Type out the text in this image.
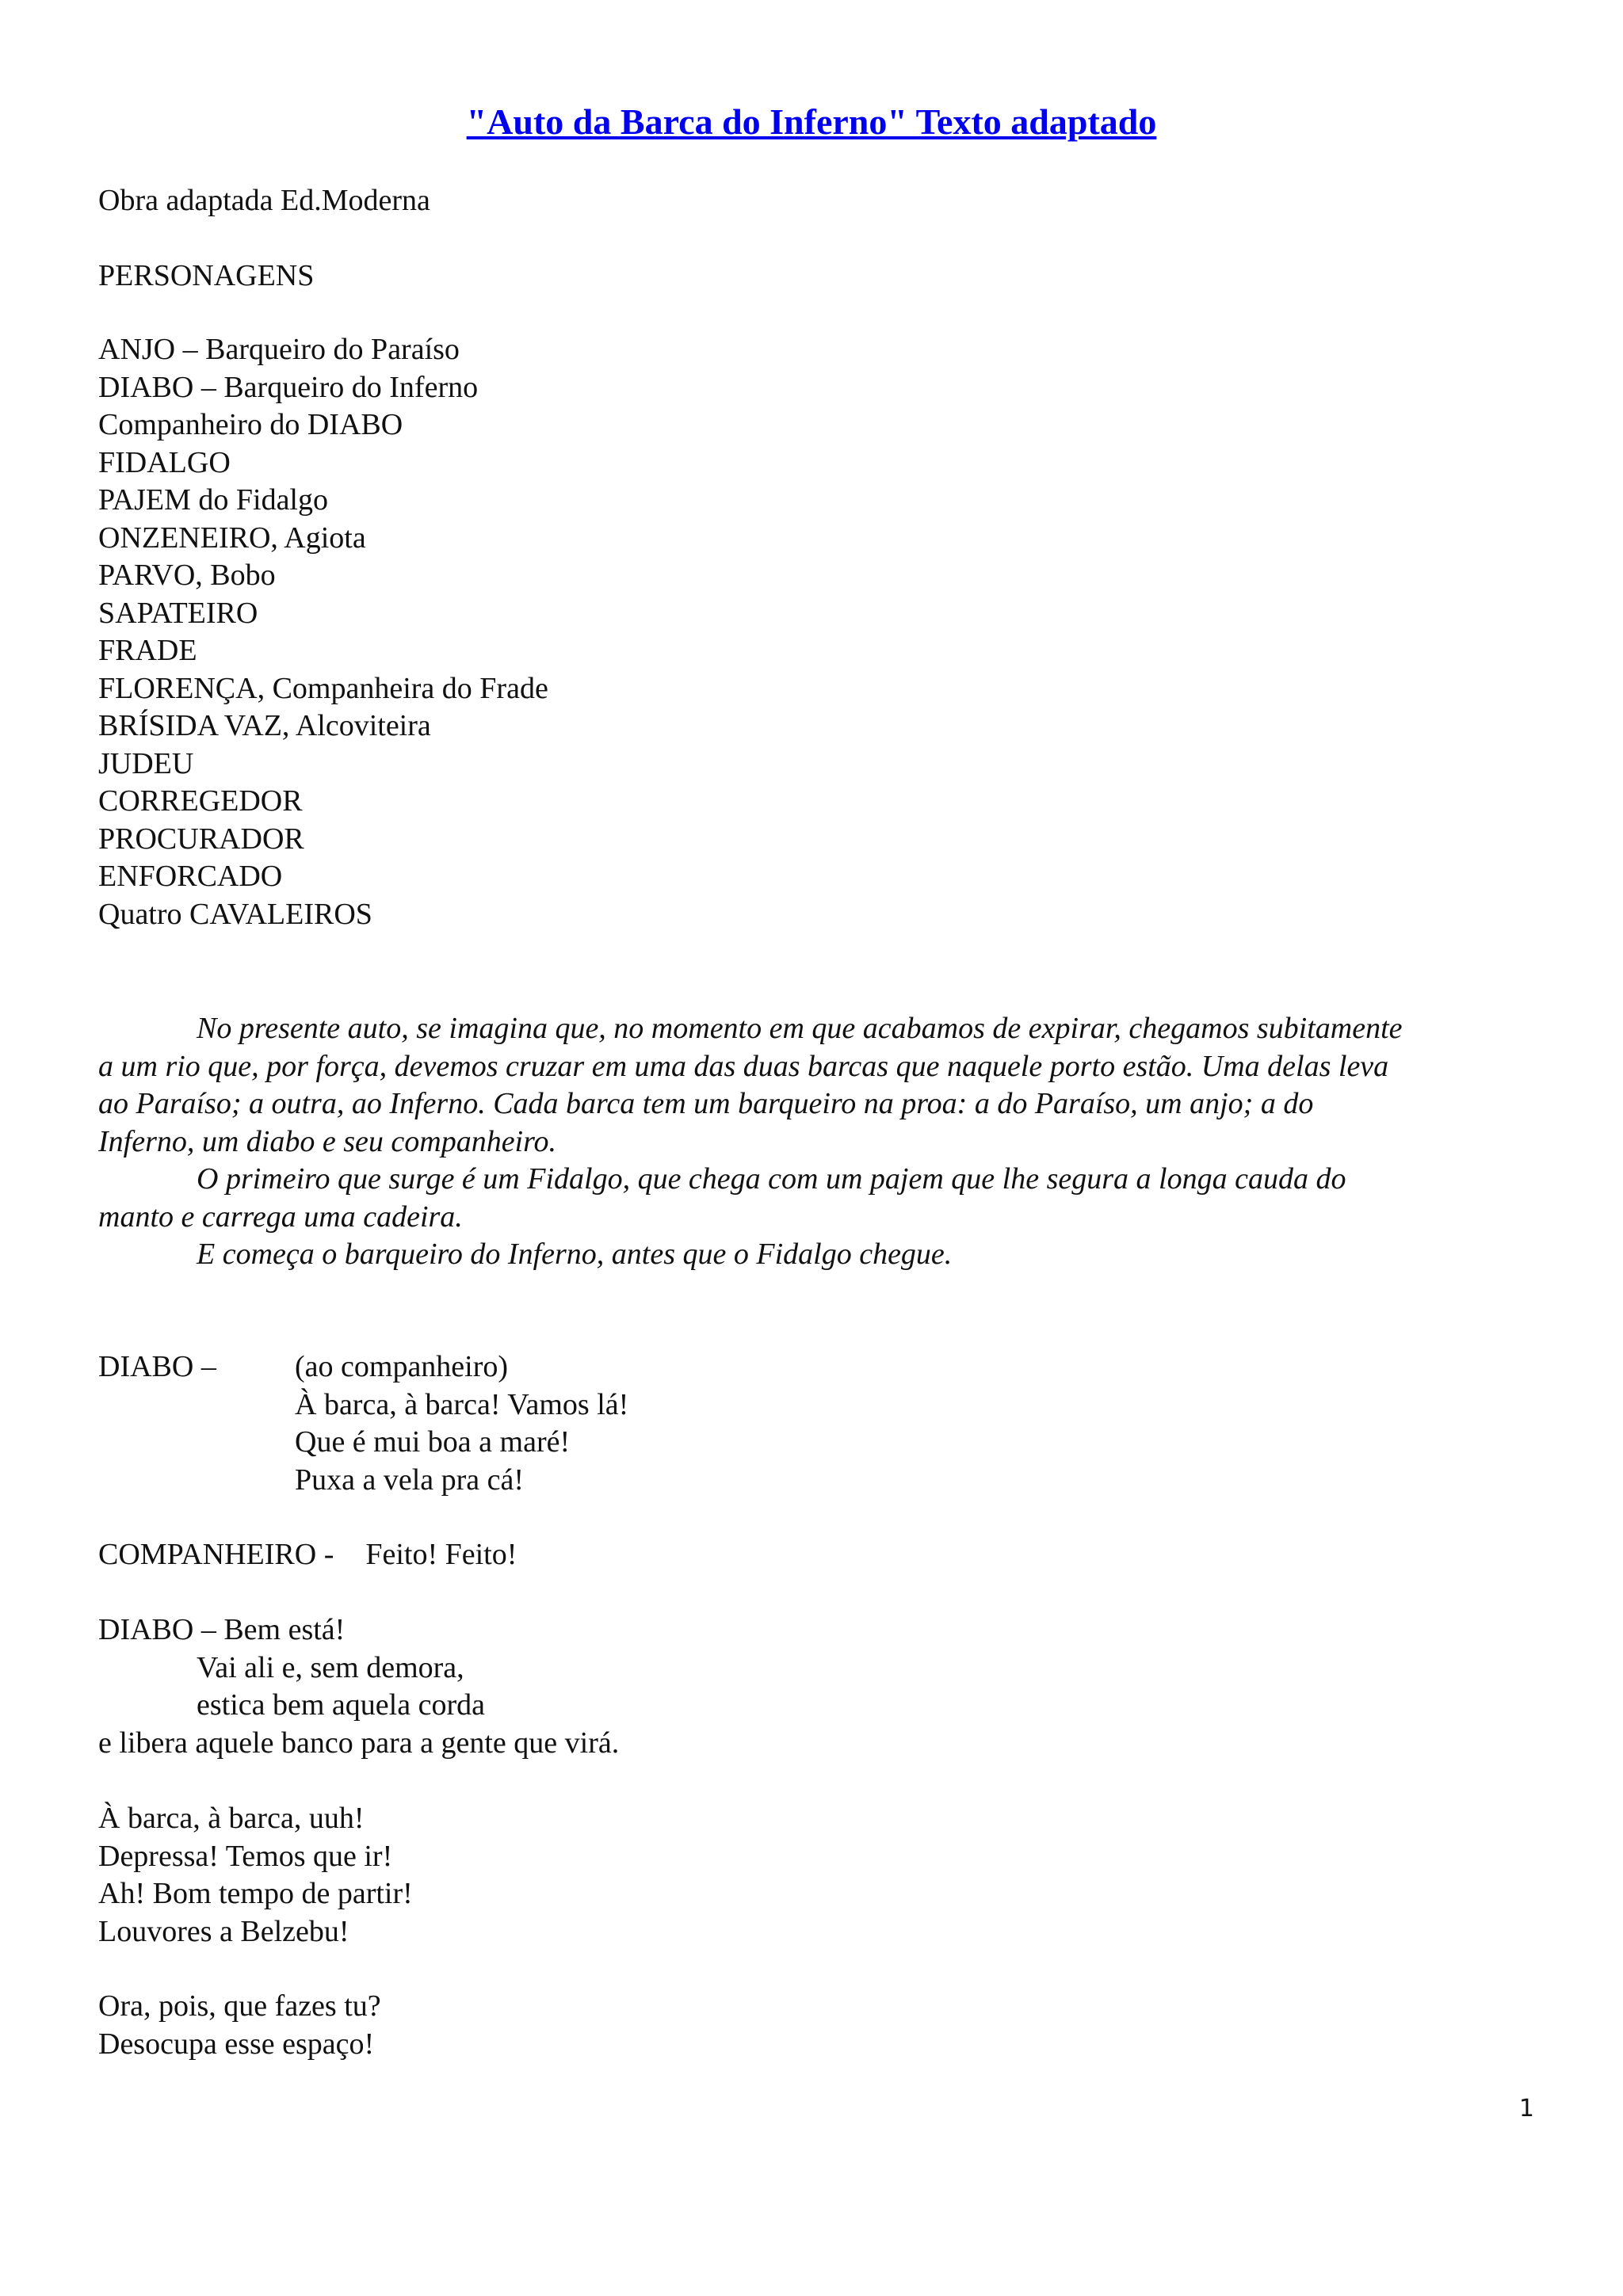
"Auto da Barca do Inferno" Texto adaptado
Obra adaptada Ed.Moderna
PERSONAGENS
ANJO – Barqueiro do Paraíso
DIABO – Barqueiro do Inferno
Companheiro do DIABO
FIDALGO
PAJEM do Fidalgo
ONZENEIRO, Agiota
PARVO, Bobo
SAPATEIRO
FRADE
FLORENÇA, Companheira do Frade
BRÍSIDA VAZ, Alcoviteira
JUDEU
CORREGEDOR
PROCURADOR
ENFORCADO
Quatro CAVALEIROS

No presente auto, se imagina que, no momento em que acabamos de expirar, chegamos subitamente

a um rio que, por força, devemos cruzar em uma das duas barcas que naquele porto estão. Uma delas leva

ao Paraíso; a outra, ao Inferno. Cada barca tem um barqueiro na proa: a do Paraíso, um anjo; a do

Inferno, um diabo e seu companheiro.

O primeiro que surge é um Fidalgo, que chega com um pajem que lhe segura a longa cauda do

manto e carrega uma cadeira.

E começa o barqueiro do Inferno, antes que o Fidalgo chegue.

DIABO –	(ao companheiro)
À barca, à barca! Vamos lá!
Que é mui boa a maré!
Puxa a vela pra cá!
COMPANHEIRO - Feito! Feito!
DIABO – Bem está!
Vai ali e, sem demora,
estica bem aquela corda
e libera aquele banco para a gente que virá.
À barca, à barca, uuh!
Depressa! Temos que ir!
Ah! Bom tempo de partir!
Louvores a Belzebu!
Ora, pois, que fazes tu?
Desocupa esse espaço!
1
